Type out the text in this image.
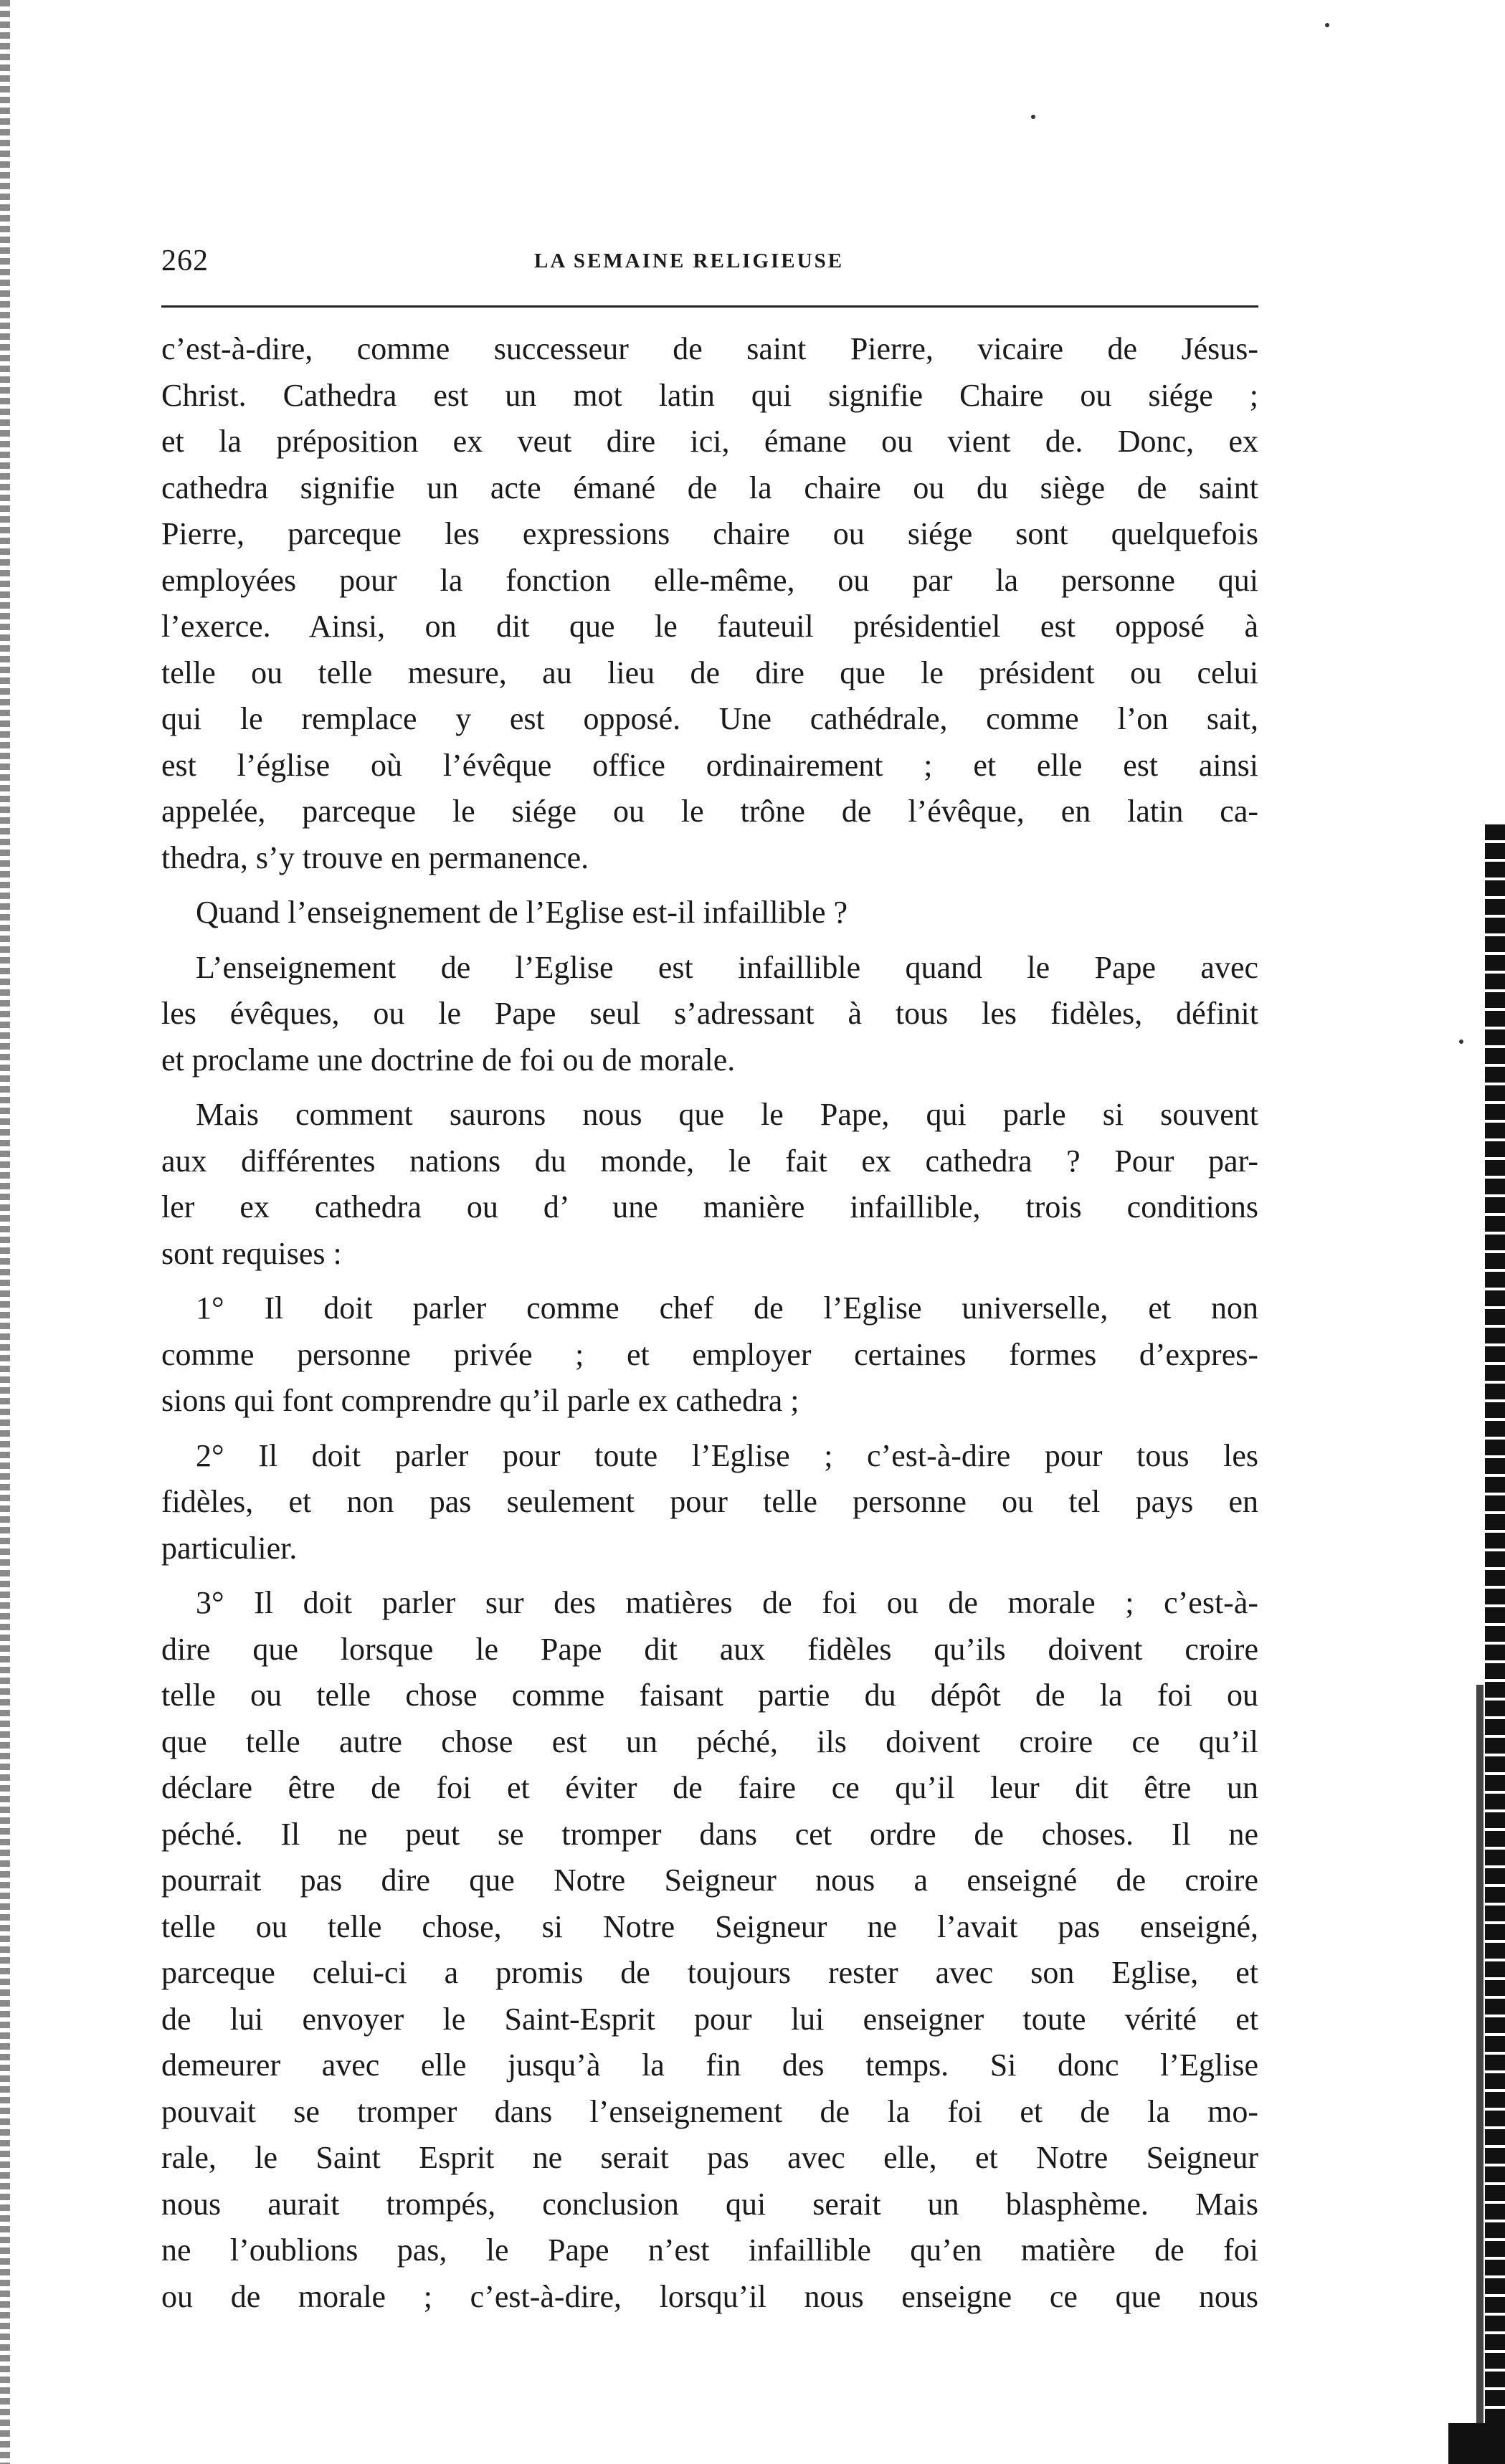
262	LA SEMAINE RELIGIEUSE
c’est-à-dire, comme successeur de saint Pierre, vicaire de Jésus-
Christ. Cathedra est un mot latin qui signifie Chaire ou siége ;
et la préposition ex veut dire ici, émane ou vient de. Donc, ex
cathedra signifie un acte émané de la chaire ou du siège de saint
Pierre, parceque les expressions chaire ou siége sont quelquefois
employées pour la fonction elle-même, ou par la personne qui
l’exerce. Ainsi, on dit que le fauteuil présidentiel est opposé à
telle ou telle mesure, au lieu de dire que le président ou celui
qui le remplace y est opposé. Une cathédrale, comme l’on sait,
est l’église où l’évêque office ordinairement ; et elle est ainsi
appelée, parceque le siége ou le trône de l’évêque, en latin ca-
thedra, s’y trouve en permanence.
Quand l’enseignement de l’Eglise est-il infaillible ?
L’enseignement de l’Eglise est infaillible quand le Pape avec
les évêques, ou le Pape seul s’adressant à tous les fidèles, définit
et proclame une doctrine de foi ou de morale.
Mais comment saurons nous que le Pape, qui parle si souvent
aux différentes nations du monde, le fait ex cathedra ? Pour par-
ler ex cathedra ou d’ une manière infaillible, trois conditions
sont requises :
1° Il doit parler comme chef de l’Eglise universelle, et non
comme personne privée ; et employer certaines formes d’expres-
sions qui font comprendre qu’il parle ex cathedra ;
2° Il doit parler pour toute l’Eglise ; c’est-à-dire pour tous les
fidèles, et non pas seulement pour telle personne ou tel pays en
particulier.
3° Il doit parler sur des matières de foi ou de morale ; c’est-à-
dire que lorsque le Pape dit aux fidèles qu’ils doivent croire
telle ou telle chose comme faisant partie du dépôt de la foi ou
que telle autre chose est un péché, ils doivent croire ce qu’il
déclare être de foi et éviter de faire ce qu’il leur dit être un
péché. Il ne peut se tromper dans cet ordre de choses. Il ne
pourrait pas dire que Notre Seigneur nous a enseigné de croire
telle ou telle chose, si Notre Seigneur ne l’avait pas enseigné,
parceque celui-ci a promis de toujours rester avec son Eglise, et
de lui envoyer le Saint-Esprit pour lui enseigner toute vérité et
demeurer avec elle jusqu’à la fin des temps. Si donc l’Eglise
pouvait se tromper dans l’enseignement de la foi et de la mo-
rale, le Saint Esprit ne serait pas avec elle, et Notre Seigneur
nous aurait trompés, conclusion qui serait un blasphème. Mais
ne l’oublions pas, le Pape n’est infaillible qu’en matière de foi
ou de morale ; c’est-à-dire, lorsqu’il nous enseigne ce que nous
